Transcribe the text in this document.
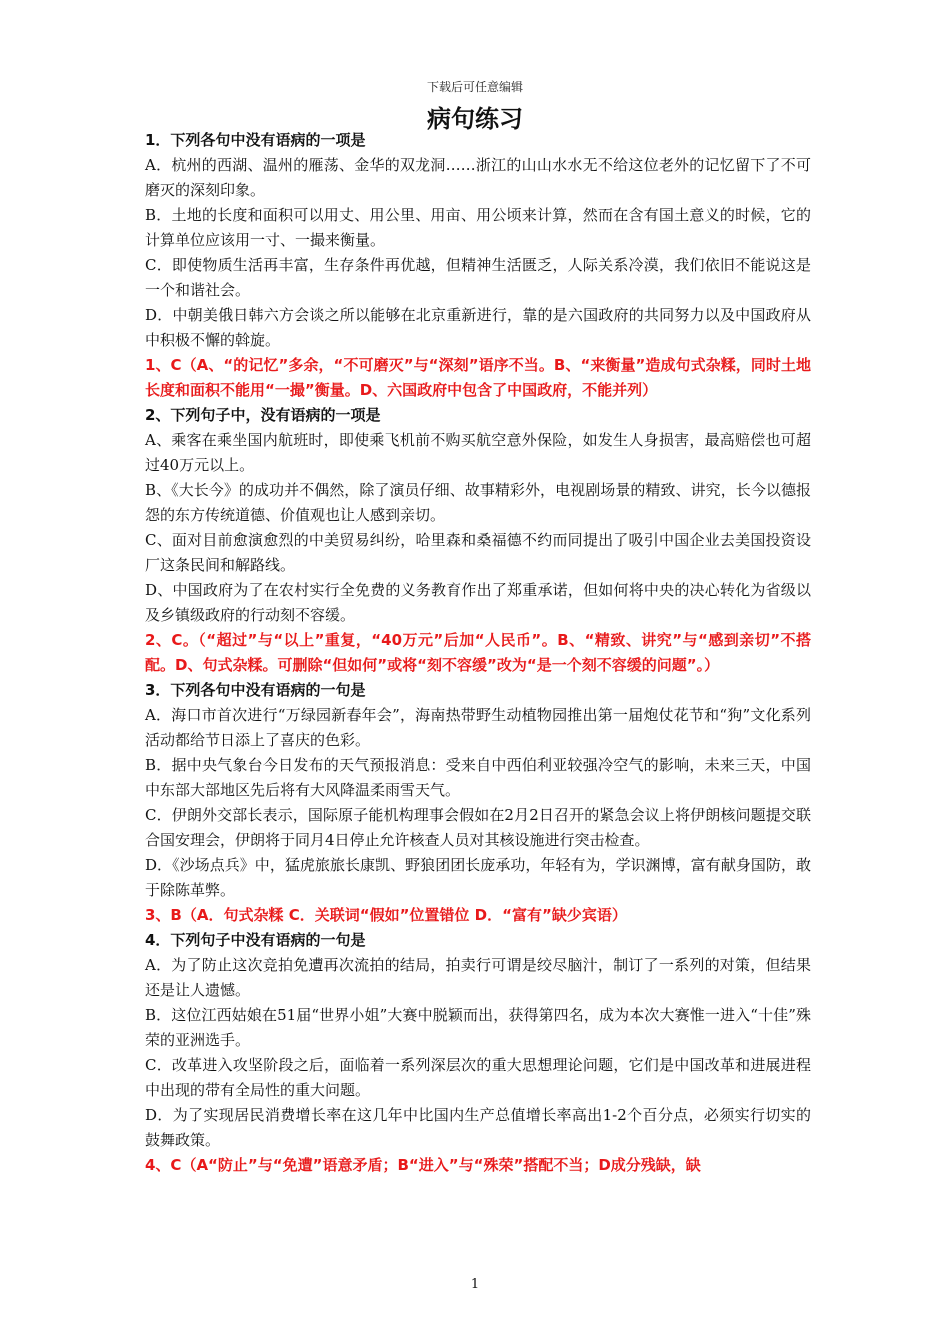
下载后可任意编辑
病句练习

1．下列各句中没有语病的一项是

A．杭州的西湖、温州的雁荡、金华的双龙洞……浙江的山山水水无不给这位老外的记忆留下了不可磨灭的深刻印象。

B．土地的长度和面积可以用丈、用公里、用亩、用公顷来计算，然而在含有国土意义的时候，它的计算单位应该用一寸、一撮来衡量。

C．即使物质生活再丰富，生存条件再优越，但精神生活匮乏，人际关系冷漠，我们依旧不能说这是一个和谐社会。

D．中朝美俄日韩六方会谈之所以能够在北京重新进行，靠的是六国政府的共同努力以及中国政府从中积极不懈的斡旋。

1、C（A、“的记忆”多余，“不可磨灭”与“深刻”语序不当。B、“来衡量”造成句式杂糅，同时土地长度和面积不能用“一撮”衡量。D、六国政府中包含了中国政府，不能并列）

2、下列句子中，没有语病的一项是

A、乘客在乘坐国内航班时，即使乘飞机前不购买航空意外保险，如发生人身损害，最高赔偿也可超过40万元以上。

B、《大长今》的成功并不偶然，除了演员仔细、故事精彩外，电视剧场景的精致、讲究，长今以德报怨的东方传统道德、价值观也让人感到亲切。

C、面对目前愈演愈烈的中美贸易纠纷，哈里森和桑福德不约而同提出了吸引中国企业去美国投资设厂这条民间和解路线。

D、中国政府为了在农村实行全免费的义务教育作出了郑重承诺，但如何将中央的决心转化为省级以及乡镇级政府的行动刻不容缓。

2、C。（“超过”与“以上”重复，“40万元”后加“人民币”。B、“精致、讲究”与“感到亲切”不搭配。D、句式杂糅。可删除“但如何”或将“刻不容缓”改为“是一个刻不容缓的问题”。）

3．下列各句中没有语病的一句是

A．海口市首次进行“万绿园新春年会”，海南热带野生动植物园推出第一届炮仗花节和“狗”文化系列活动都给节日添上了喜庆的色彩。

B．据中央气象台今日发布的天气预报消息：受来自中西伯利亚较强冷空气的影响，未来三天，中国中东部大部地区先后将有大风降温柔雨雪天气。

C．伊朗外交部长表示，国际原子能机构理事会假如在2月2日召开的紧急会议上将伊朗核问题提交联合国安理会，伊朗将于同月4日停止允许核查人员对其核设施进行突击检查。

D．《沙场点兵》中，猛虎旅旅长康凯、野狼团团长庞承功，年轻有为，学识渊博，富有献身国防，敢于除陈革弊。

3、B（A．句式杂糅 C．关联词“假如”位置错位 D．“富有”缺少宾语）

4．下列句子中没有语病的一句是

A．为了防止这次竞拍免遭再次流拍的结局，拍卖行可谓是绞尽脑汁，制订了一系列的对策，但结果还是让人遗憾。

B．这位江西姑娘在51届“世界小姐”大赛中脱颖而出，获得第四名，成为本次大赛惟一进入“十佳”殊荣的亚洲选手。

C．改革进入攻坚阶段之后，面临着一系列深层次的重大思想理论问题，它们是中国改革和进展进程中出现的带有全局性的重大问题。

D．为了实现居民消费增长率在这几年中比国内生产总值增长率高出1-2个百分点，必须实行切实的鼓舞政策。

4、C（A“防止”与“免遭”语意矛盾；B“进入”与“殊荣”搭配不当；D成分残缺，缺

1
